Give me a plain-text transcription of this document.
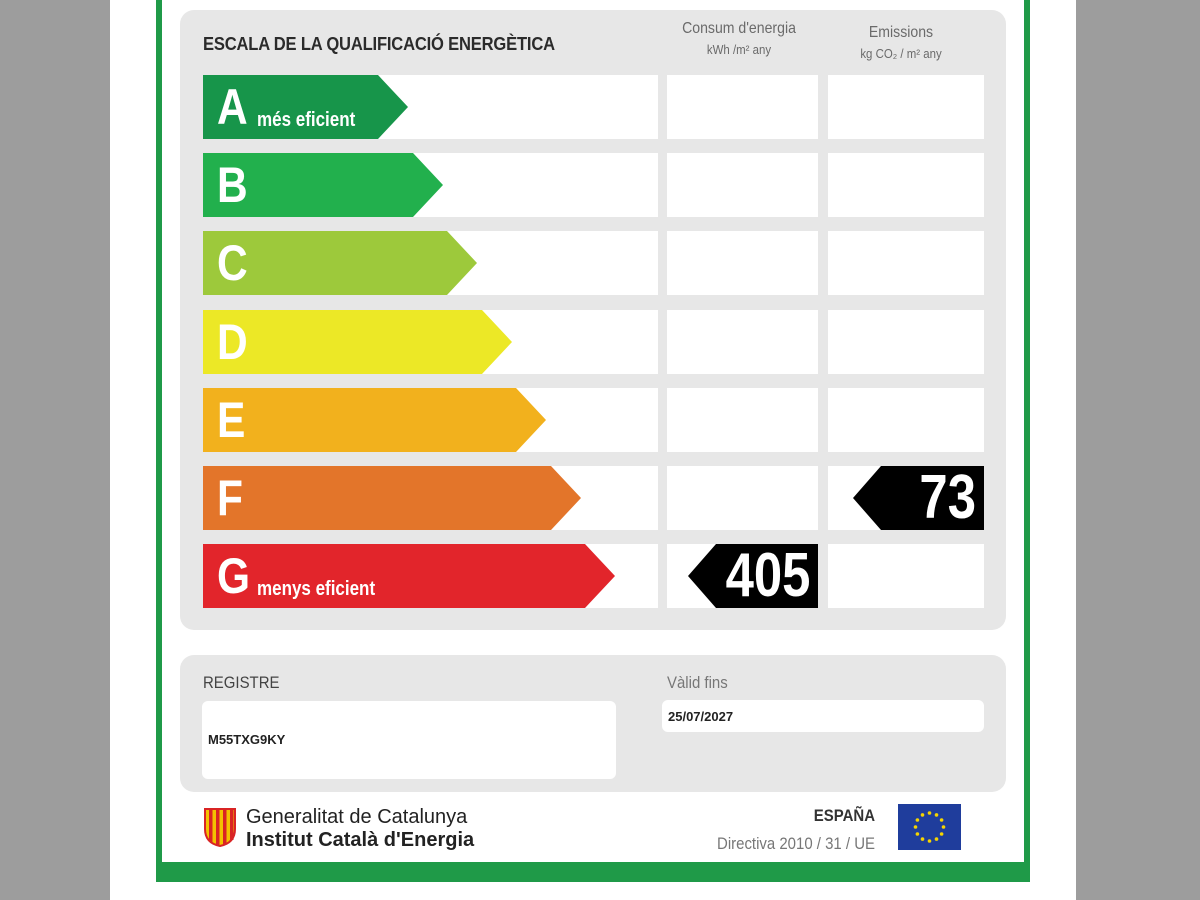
ESCALA DE LA QUALIFICACIÓ ENERGÈTICA
Consum d'energia
kWh /m² any
Emissions
kg CO₂ / m² any
A més eficient
B
C
D
E
F
G menys eficient	405
73
REGISTRE
M55TXG9KY
Vàlid fins
25/07/2027
Generalitat de Catalunya
Institut Català d'Energia
ESPAÑA
Directiva 2010 / 31 / UE
